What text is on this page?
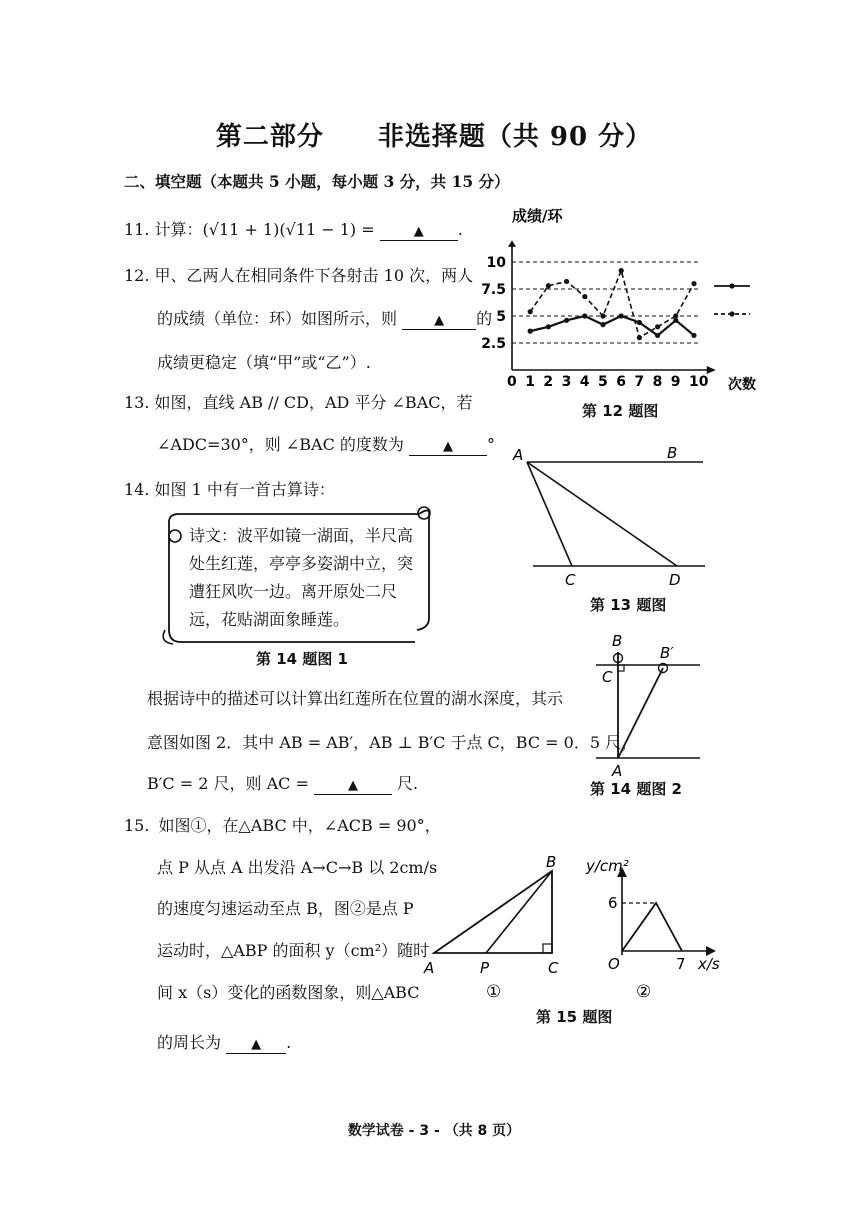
第二部分　　非选择题（共 90 分）
二、填空题（本题共 5 小题，每小题 3 分，共 15 分）
11. 计算：(√11 + 1)(√11 − 1) =	▲ .
12. 甲、乙两人在相同条件下各射击 10 次，两人
的成绩（单位：环）如图所示，则	▲ 的
成绩更稳定（填“甲”或“乙”）.
0 1 2 3 4 5 6 7 8 9 10
2.5
5
7.5
10
成绩/环
次数
第 12 题图
13. 如图，直线 AB // CD，AD 平分 ∠BAC，若
∠ADC=30°，则 ∠BAC 的度数为	▲ °
A	B
C	D
第 13 题图
14. 如图 1 中有一首古算诗：
诗文：波平如镜一湖面，半尺高
处生红莲，亭亭多姿湖中立，突
遭狂风吹一边。离开原处二尺
远，花贴湖面象睡莲。
第 14 题图 1
根据诗中的描述可以计算出红莲所在位置的湖水深度，其示
意图如图 2．其中 AB = AB′，AB ⊥ B′C 于点 C，BC = 0．5 尺，
B′C = 2 尺，则 AC =	▲ 尺.
B
B′
C
A
第 14 题图 2
15. 如图①，在△ABC 中，∠ACB = 90°，
点 P 从点 A 出发沿 A→C→B 以 2cm/s
的速度匀速运动至点 B，图②是点 P
运动时，△ABP 的面积 y（cm²）随时
间 x（s）变化的函数图象，则△ABC
的周长为 ▲ .
A	P	C
B
①
y/cm²
x/s
O
6
7
②
第 15 题图
数学试卷 - 3 - （共 8 页）
